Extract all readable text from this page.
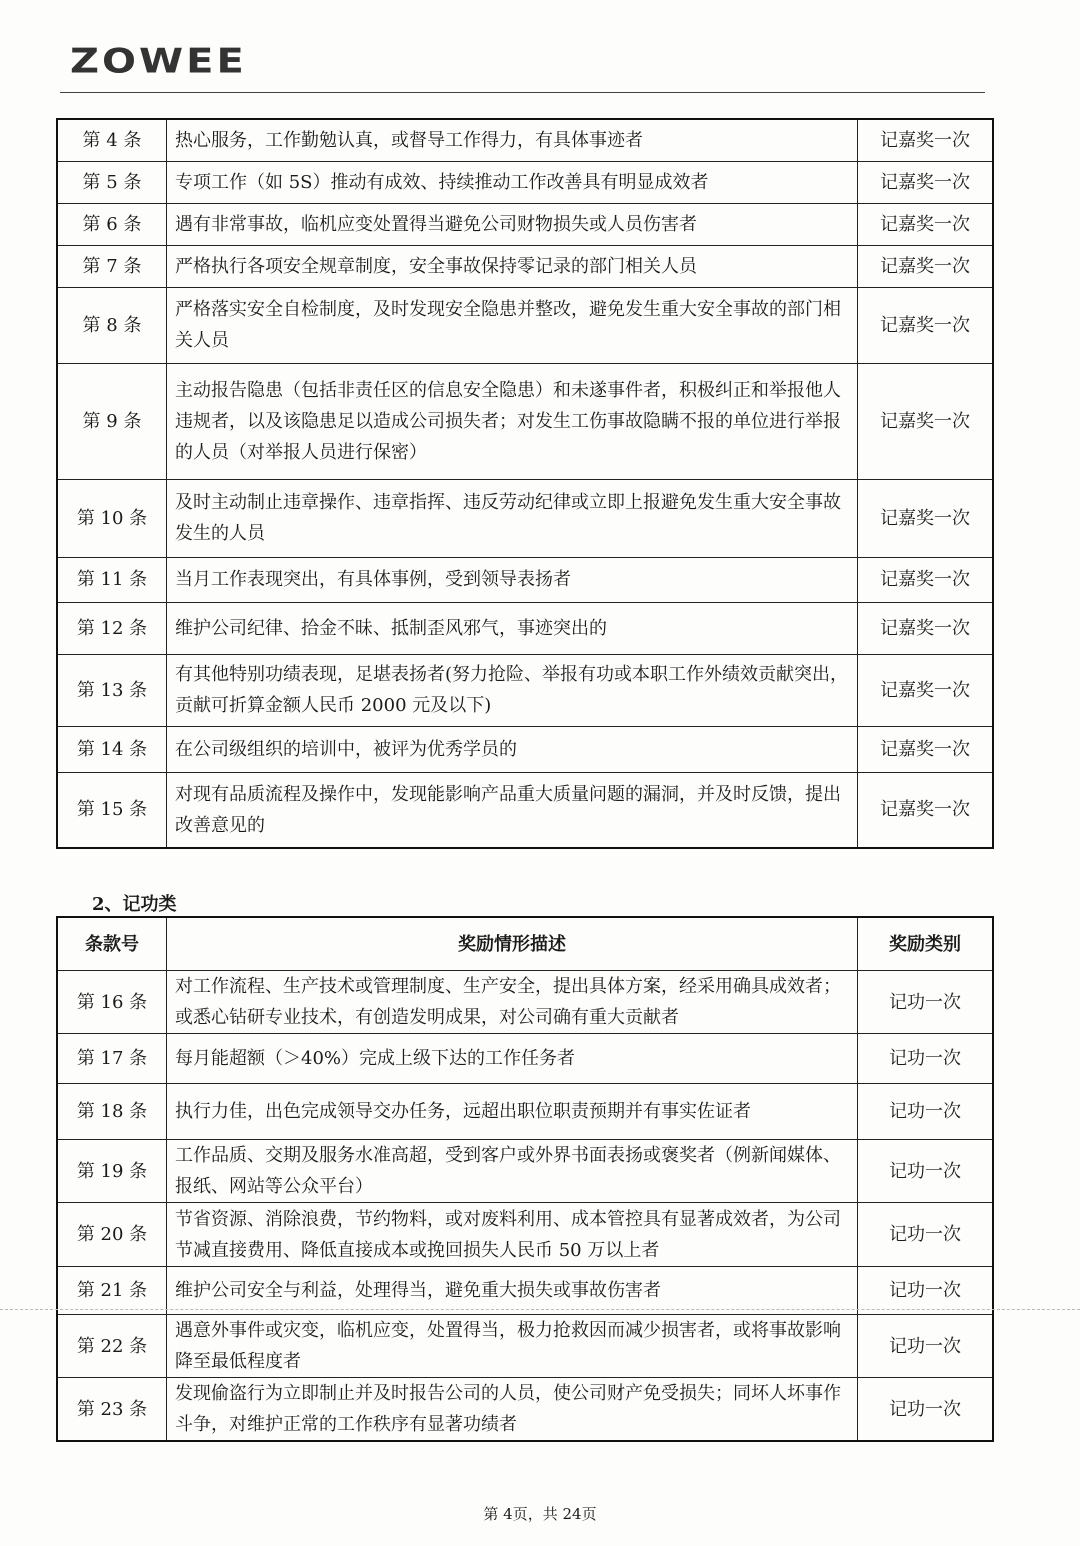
ZOWEE
第 4 条	热心服务，工作勤勉认真，或督导工作得力，有具体事迹者	记嘉奖一次
第 5 条	专项工作（如 5S）推动有成效、持续推动工作改善具有明显成效者	记嘉奖一次
第 6 条	遇有非常事故，临机应变处置得当避免公司财物损失或人员伤害者	记嘉奖一次
第 7 条	严格执行各项安全规章制度，安全事故保持零记录的部门相关人员	记嘉奖一次
第 8 条	严格落实安全自检制度，及时发现安全隐患并整改，避免发生重大安全事故的部门相关人员	记嘉奖一次
第 9 条	主动报告隐患（包括非责任区的信息安全隐患）和未遂事件者，积极纠正和举报他人违规者，以及该隐患足以造成公司损失者；对发生工伤事故隐瞒不报的单位进行举报的人员（对举报人员进行保密）	记嘉奖一次
第 10 条	及时主动制止违章操作、违章指挥、违反劳动纪律或立即上报避免发生重大安全事故发生的人员	记嘉奖一次
第 11 条	当月工作表现突出，有具体事例，受到领导表扬者	记嘉奖一次
第 12 条	维护公司纪律、拾金不昧、抵制歪风邪气，事迹突出的	记嘉奖一次
第 13 条	有其他特别功绩表现，足堪表扬者(努力抢险、举报有功或本职工作外绩效贡献突出，贡献可折算金额人民币 2000 元及以下)	记嘉奖一次
第 14 条	在公司级组织的培训中，被评为优秀学员的	记嘉奖一次
第 15 条	对现有品质流程及操作中，发现能影响产品重大质量问题的漏洞，并及时反馈，提出改善意见的	记嘉奖一次
2、记功类
条款号	奖励情形描述	奖励类别
第 16 条	对工作流程、生产技术或管理制度、生产安全，提出具体方案，经采用确具成效者；或悉心钻研专业技术，有创造发明成果，对公司确有重大贡献者	记功一次
第 17 条	每月能超额（＞40%）完成上级下达的工作任务者	记功一次
第 18 条	执行力佳，出色完成领导交办任务，远超出职位职责预期并有事实佐证者	记功一次
第 19 条	工作品质、交期及服务水准高超，受到客户或外界书面表扬或褒奖者（例新闻媒体、报纸、网站等公众平台）	记功一次
第 20 条	节省资源、消除浪费，节约物料，或对废料利用、成本管控具有显著成效者，为公司节减直接费用、降低直接成本或挽回损失人民币 50 万以上者	记功一次
第 21 条	维护公司安全与利益，处理得当，避免重大损失或事故伤害者	记功一次
第 22 条	遇意外事件或灾变，临机应变，处置得当，极力抢救因而减少损害者，或将事故影响降至最低程度者	记功一次
第 23 条	发现偷盗行为立即制止并及时报告公司的人员，使公司财产免受损失；同坏人坏事作斗争，对维护正常的工作秩序有显著功绩者	记功一次
第 4页，共 24页
